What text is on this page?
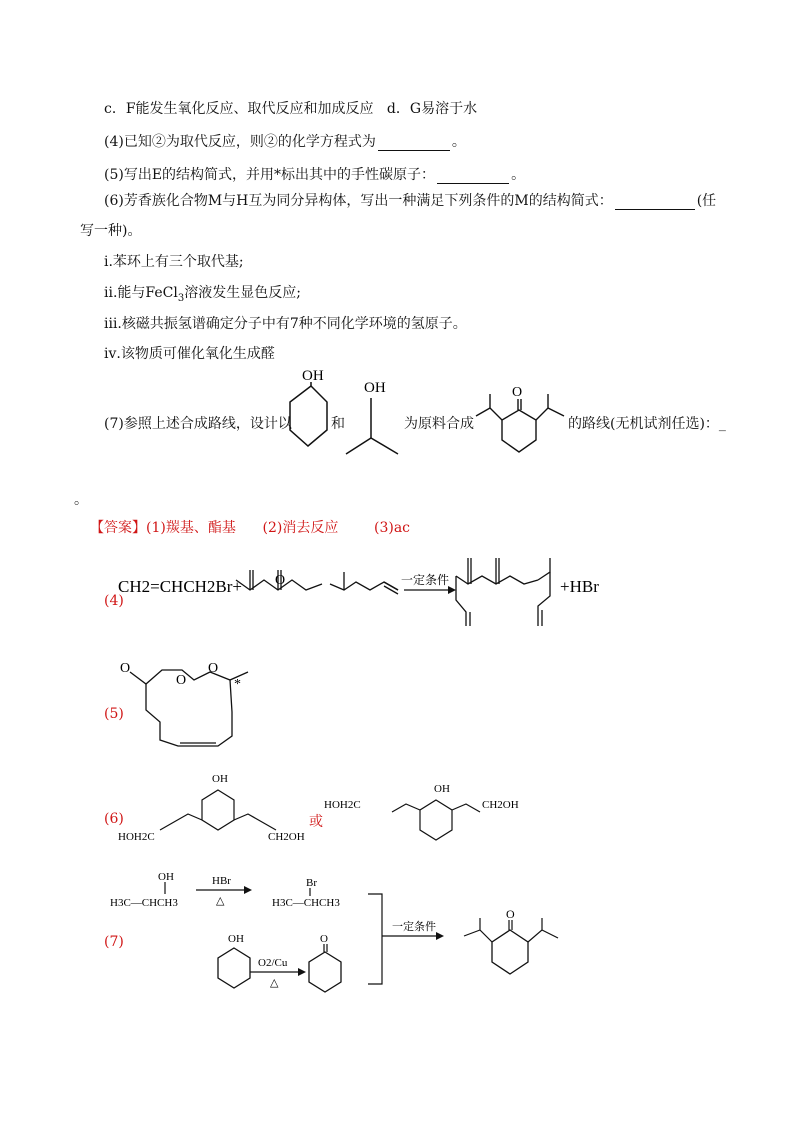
c．F能发生氧化反应、取代反应和加成反应 d．G易溶于水
(4)已知②为取代反应，则②的化学方程式为	。
(5)写出E的结构简式，并用*标出其中的手性碳原子：	。
(6)芳香族化合物M与H互为同分异构体，写出一种满足下列条件的M的结构简式：	(任
写一种)。
ⅰ.苯环上有三个取代基;
ⅱ.能与FeCl$_3$溶液发生显色反应;
ⅲ.核磁共振氢谱确定分子中有7种不同化学环境的氢原子。
ⅳ.该物质可催化氧化生成醛
(7)参照上述合成路线，设计以	和	为原料合成	的路线(无机试剂任选)：_
。
OH
OH	O
【答案】(1)羰基、酯基 (2)消去反应	(3)ac
(4)
CH2=CHCH2Br+ O	一定条件	+HBr
(5)
O
O
O
*
(6)
OH
HOH2C	CH2OH
或
OH
HOH2C	CH2OH
(7)
OH
H3C—CHCH3
HBr
△
Br
H3C—CHCH3
OH
O2/Cu
△
O
一定条件
O
